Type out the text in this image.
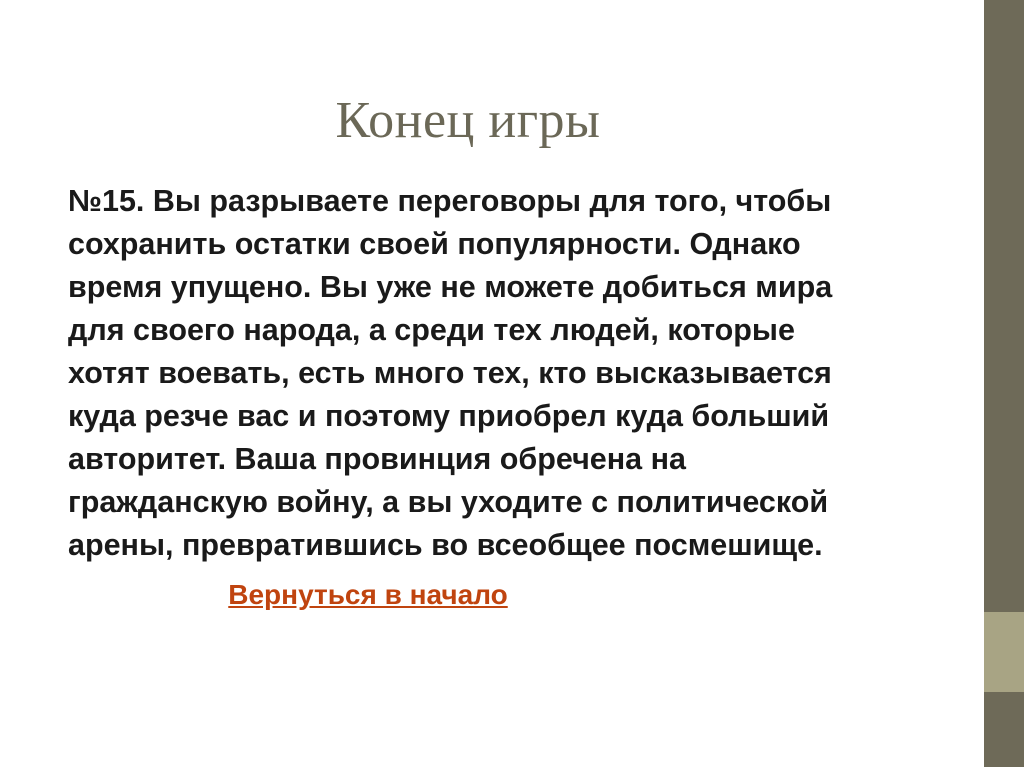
Конец игры

№15. Вы разрываете переговоры для того, чтобы сохранить остатки своей популярности. Однако время упущено. Вы уже не можете добиться мира для своего народа, а среди тех людей, которые хотят воевать, есть много тех, кто высказывается куда резче вас и поэтому приобрел куда больший авторитет. Ваша провинция обречена на гражданскую войну, а вы уходите с политической арены, превратившись во всеобщее посмешище.

Вернуться в начало
